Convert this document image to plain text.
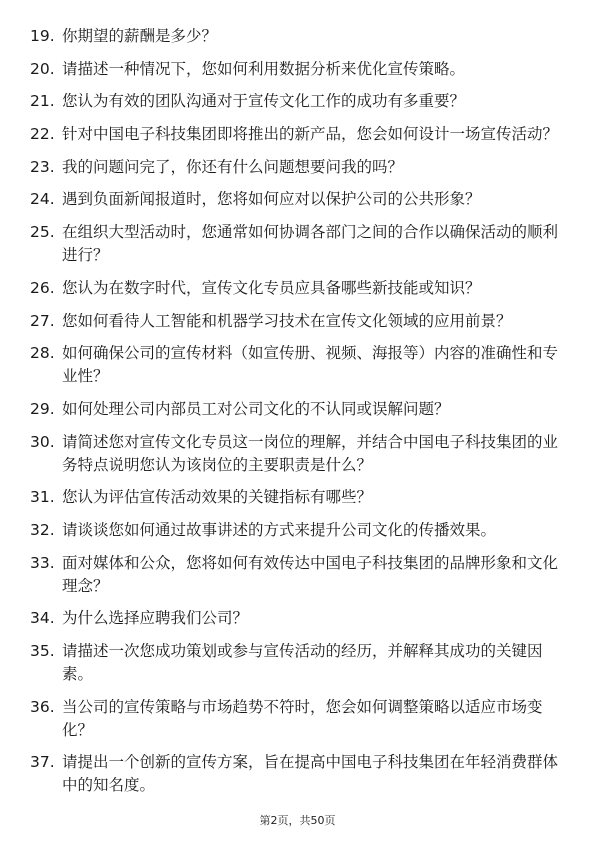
19. 你期望的薪酬是多少？
20. 请描述一种情况下，您如何利用数据分析来优化宣传策略。
21. 您认为有效的团队沟通对于宣传文化工作的成功有多重要？
22. 针对中国电子科技集团即将推出的新产品，您会如何设计一场宣传活动？
23. 我的问题问完了，你还有什么问题想要问我的吗？
24. 遇到负面新闻报道时，您将如何应对以保护公司的公共形象？
25. 在组织大型活动时，您通常如何协调各部门之间的合作以确保活动的顺利进行？
26. 您认为在数字时代，宣传文化专员应具备哪些新技能或知识？
27. 您如何看待人工智能和机器学习技术在宣传文化领域的应用前景？
28. 如何确保公司的宣传材料（如宣传册、视频、海报等）内容的准确性和专业性？
29. 如何处理公司内部员工对公司文化的不认同或误解问题？
30. 请简述您对宣传文化专员这一岗位的理解，并结合中国电子科技集团的业务特点说明您认为该岗位的主要职责是什么？
31. 您认为评估宣传活动效果的关键指标有哪些？
32. 请谈谈您如何通过故事讲述的方式来提升公司文化的传播效果。
33. 面对媒体和公众，您将如何有效传达中国电子科技集团的品牌形象和文化理念？
34. 为什么选择应聘我们公司？
35. 请描述一次您成功策划或参与宣传活动的经历，并解释其成功的关键因素。
36. 当公司的宣传策略与市场趋势不符时，您会如何调整策略以适应市场变化？
37. 请提出一个创新的宣传方案，旨在提高中国电子科技集团在年轻消费群体中的知名度。
第2页，共50页
